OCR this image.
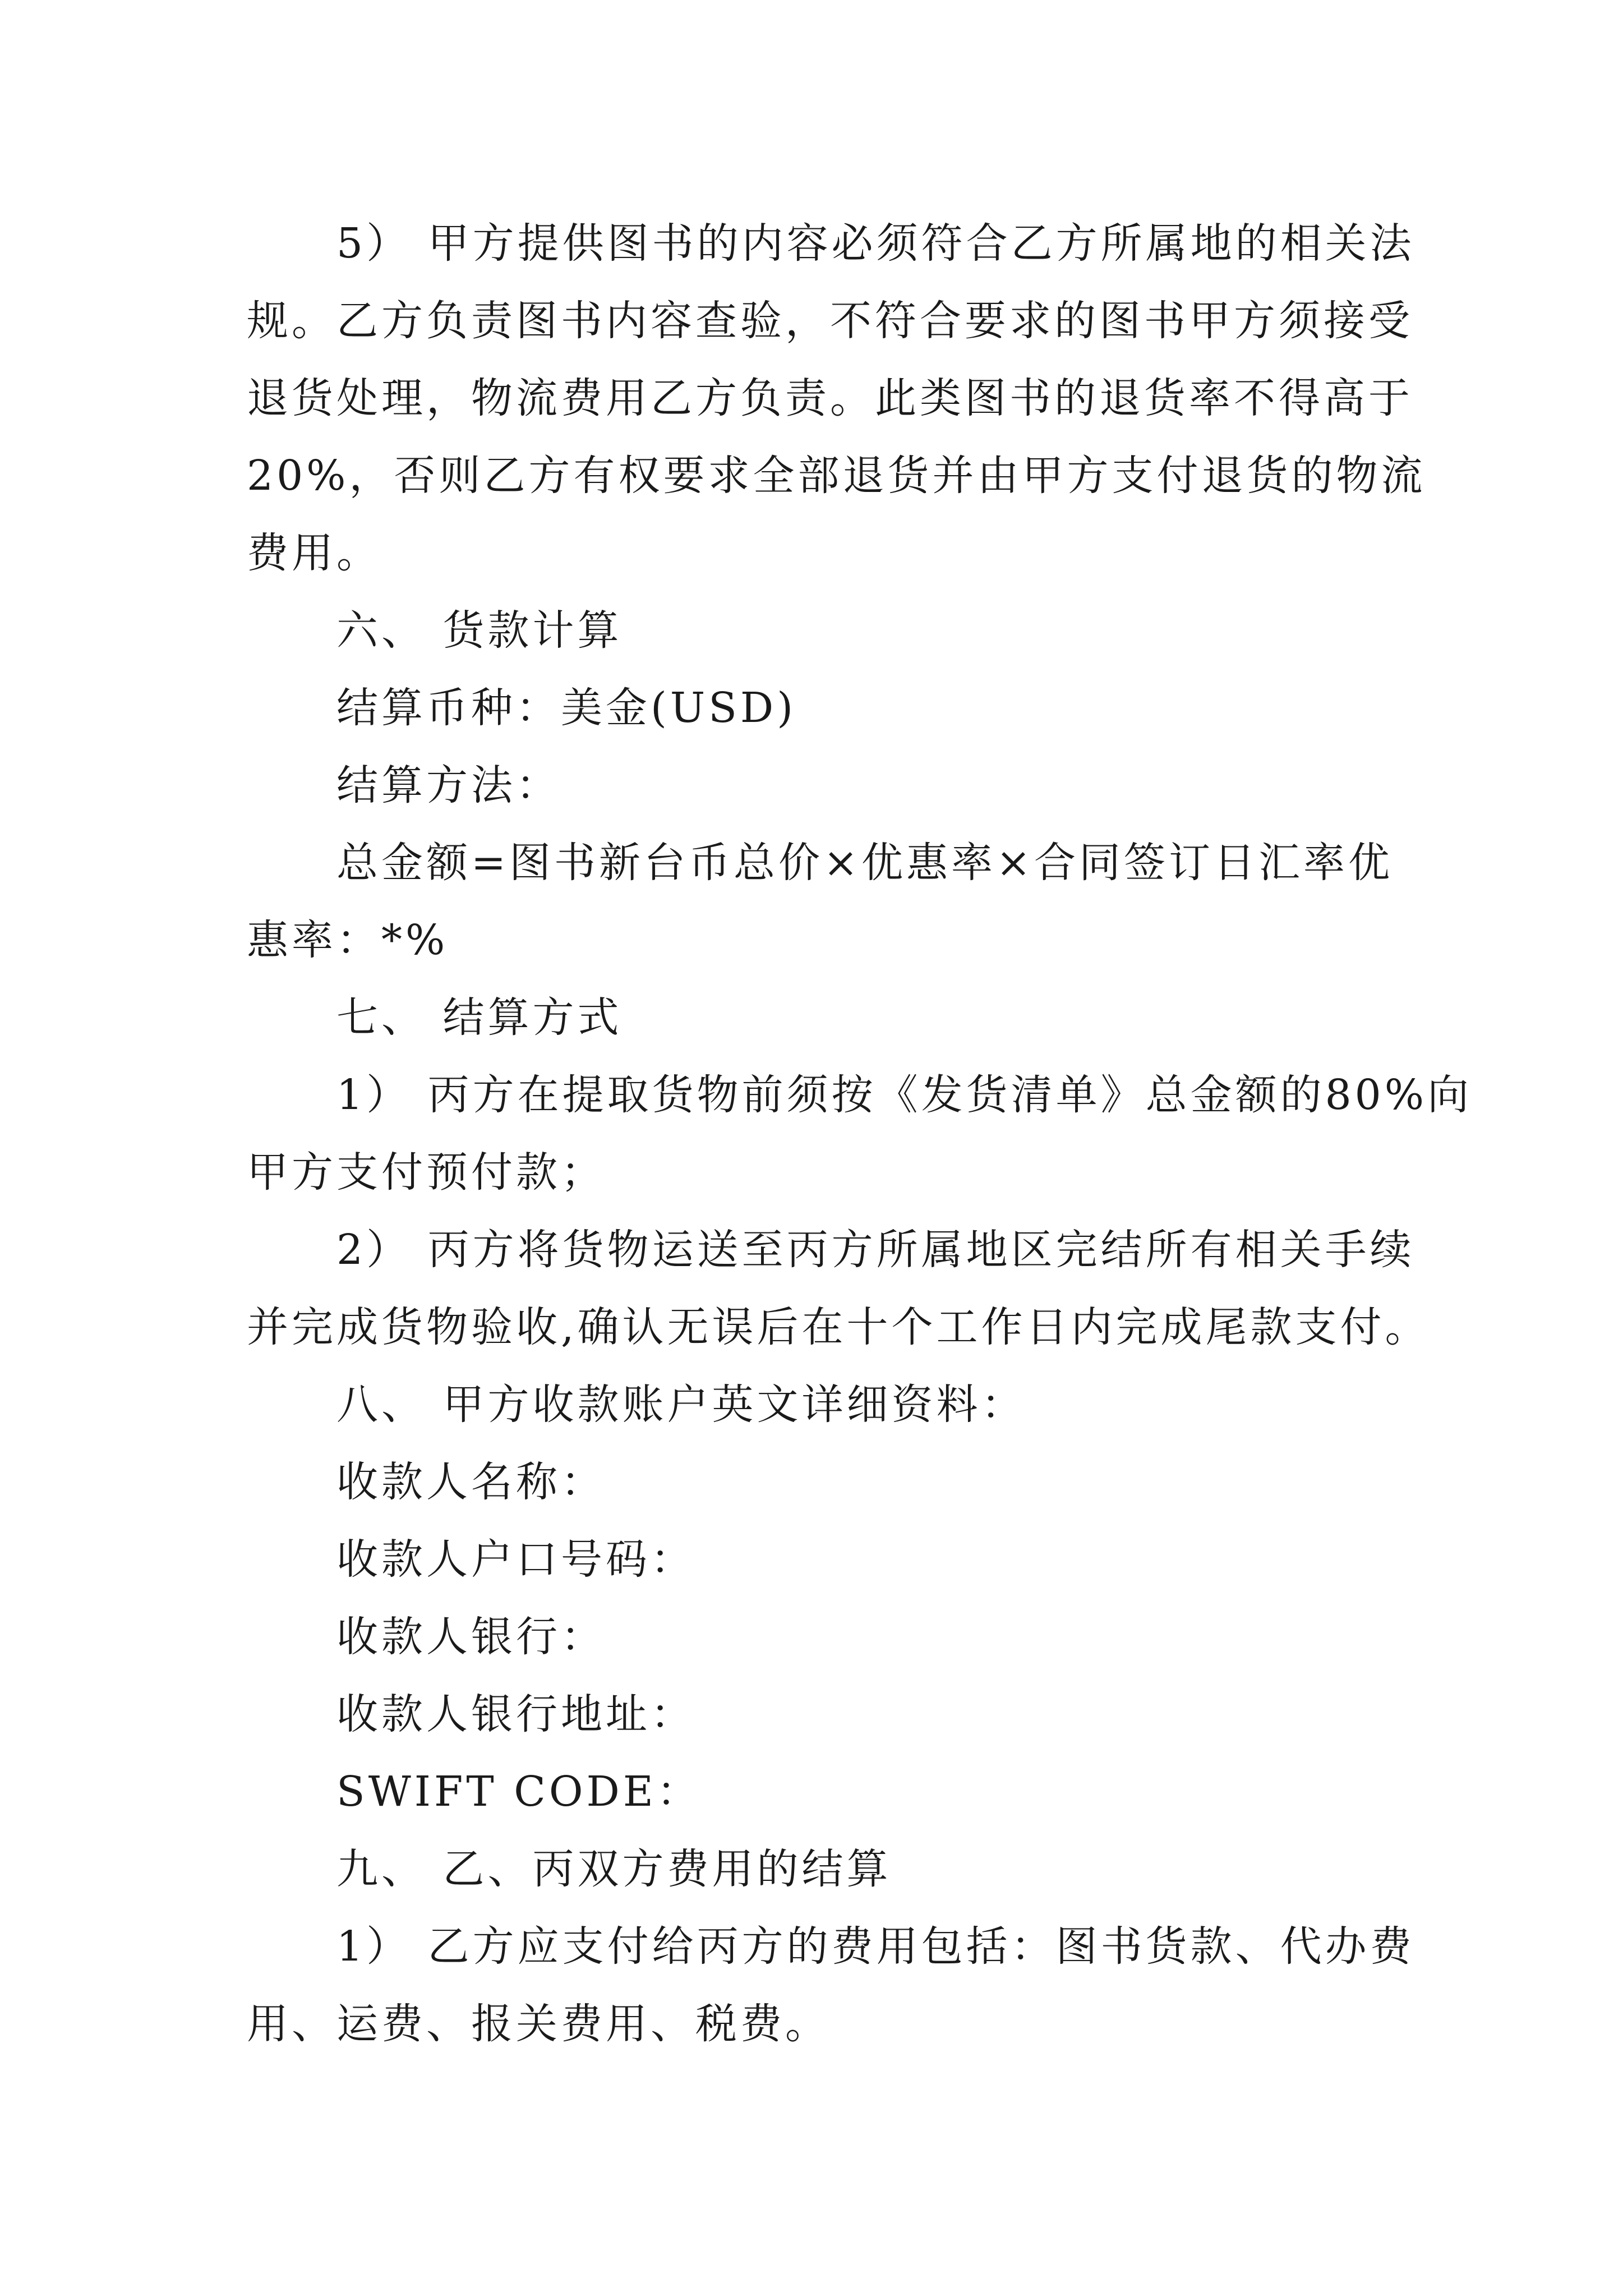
5） 甲方提供图书的内容必须符合乙方所属地的相关法
规。乙方负责图书内容查验，不符合要求的图书甲方须接受
退货处理，物流费用乙方负责。此类图书的退货率不得高于
20%，否则乙方有权要求全部退货并由甲方支付退货的物流
费用。
六、 货款计算
结算币种：美金(USD)
结算方法：
总金额=图书新台币总价×优惠率×合同签订日汇率优
惠率：*%
七、 结算方式
1） 丙方在提取货物前须按《发货清单》总金额的80%向
甲方支付预付款；
2） 丙方将货物运送至丙方所属地区完结所有相关手续
并完成货物验收,确认无误后在十个工作日内完成尾款支付。
八、 甲方收款账户英文详细资料：
收款人名称：
收款人户口号码：
收款人银行：
收款人银行地址：
SWIFT CODE：
九、 乙、丙双方费用的结算
1） 乙方应支付给丙方的费用包括：图书货款、代办费
用、运费、报关费用、税费。
